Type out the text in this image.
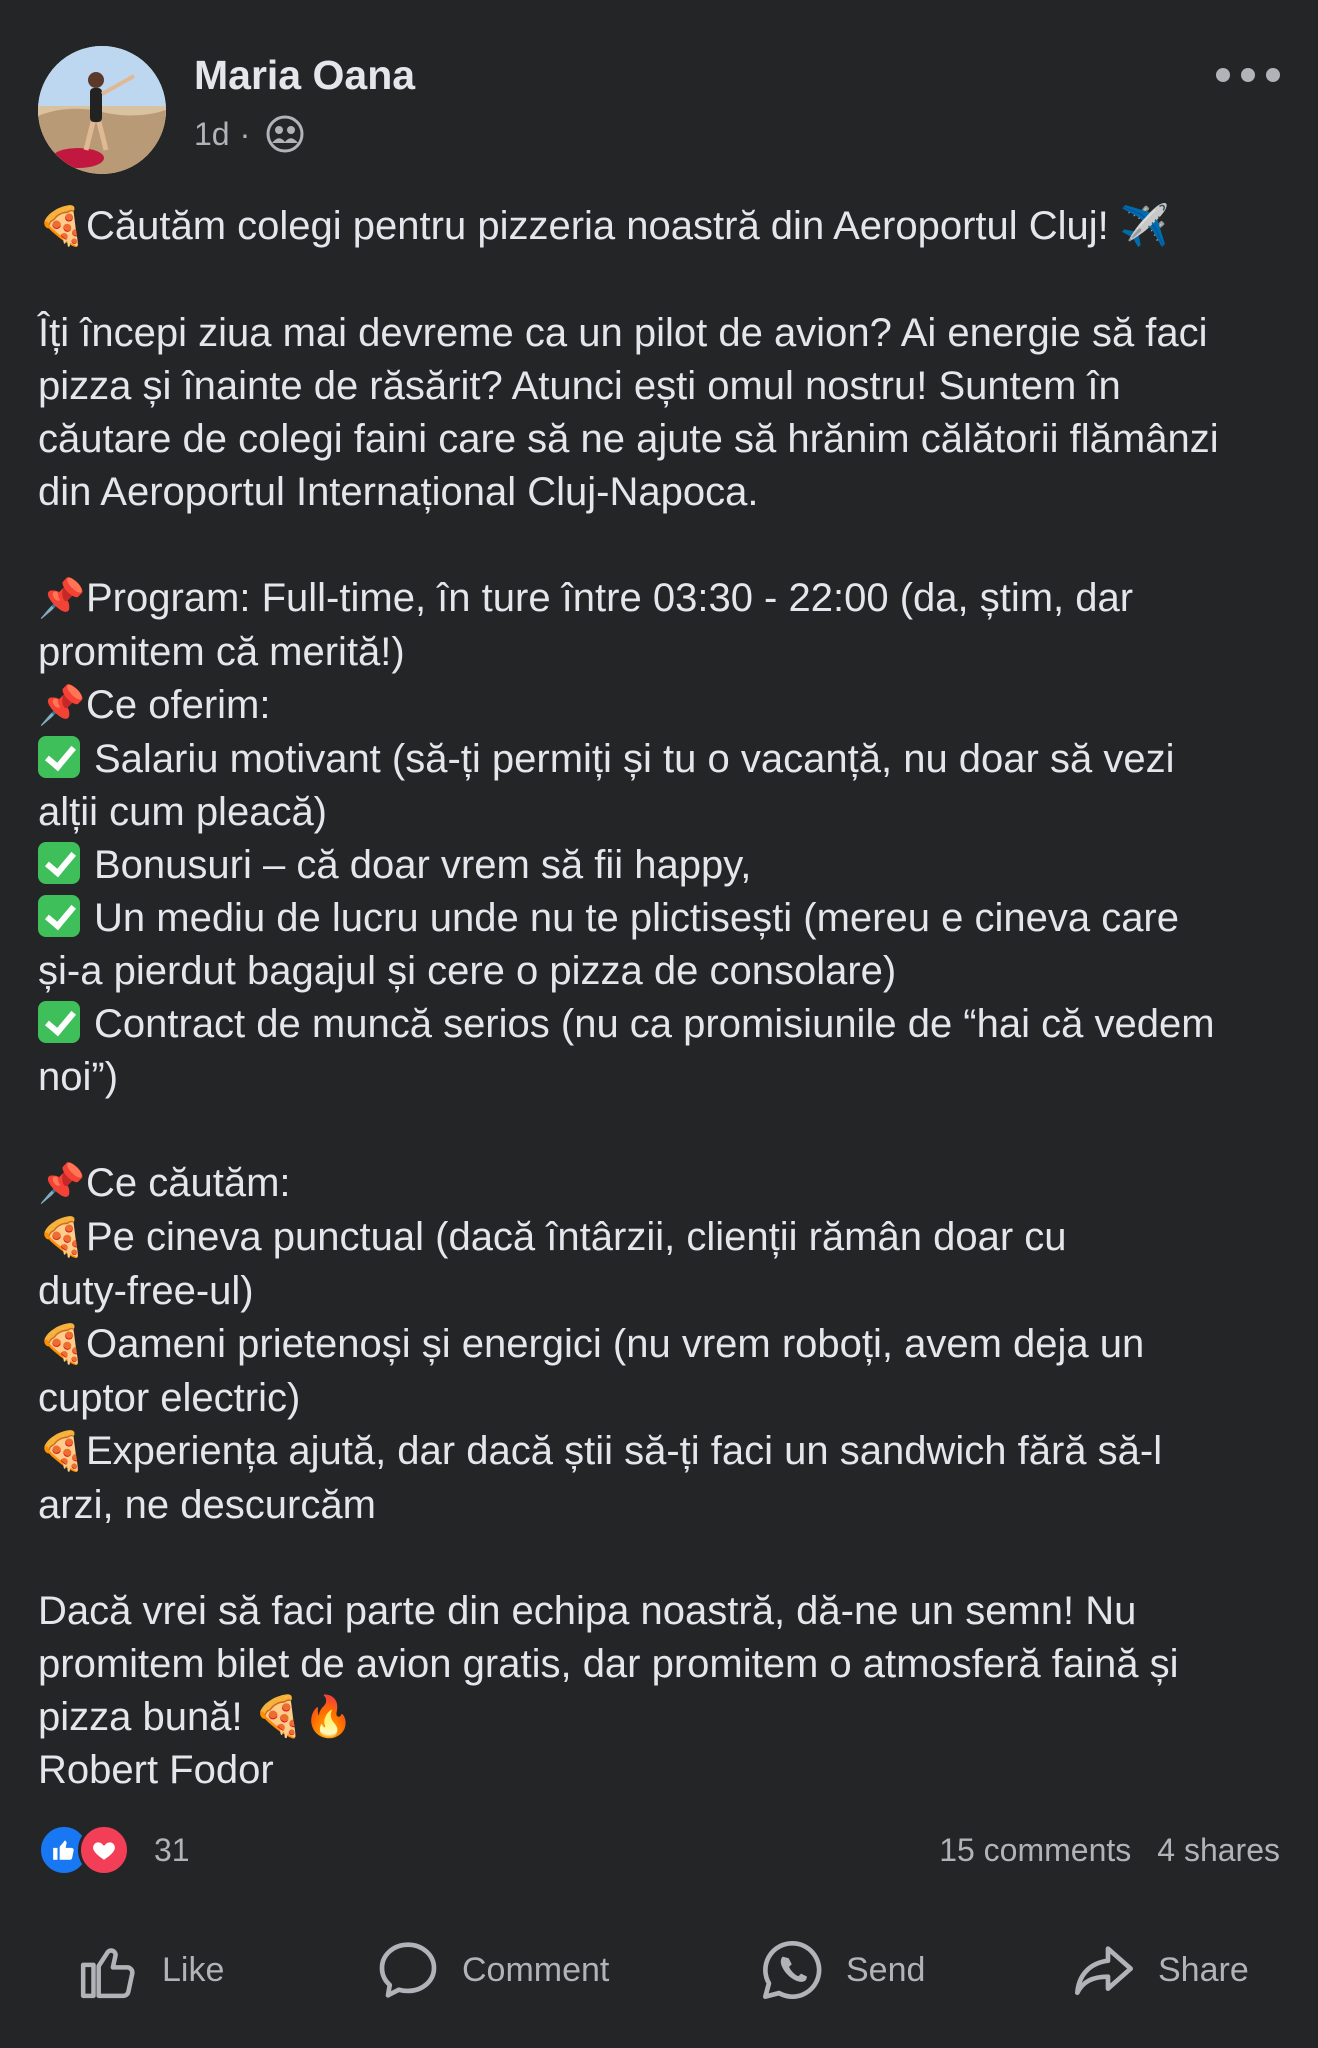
Maria Oana
1d ·

🍕Căutăm colegi pentru pizzeria noastră din Aeroportul Cluj! ✈️

Îți începi ziua mai devreme ca un pilot de avion? Ai energie să faci

pizza și înainte de răsărit? Atunci ești omul nostru! Suntem în

căutare de colegi faini care să ne ajute să hrănim călătorii flămânzi

din Aeroportul Internațional Cluj-Napoca.

📌Program: Full-time, în ture între 03:30 - 22:00 (da, știm, dar

promitem că merită!)

📌Ce oferim:

Salariu motivant (să-ți permiți și tu o vacanță, nu doar să vezi

alții cum pleacă)

Bonusuri – că doar vrem să fii happy,

Un mediu de lucru unde nu te plictisești (mereu e cineva care

și-a pierdut bagajul și cere o pizza de consolare)

Contract de muncă serios (nu ca promisiunile de “hai că vedem

noi”)

📌Ce căutăm:

🍕Pe cineva punctual (dacă întârzii, clienții rămân doar cu

duty-free-ul)

🍕Oameni prietenoși și energici (nu vrem roboți, avem deja un

cuptor electric)

🍕Experiența ajută, dar dacă știi să-ți faci un sandwich fără să-l

arzi, ne descurcăm

Dacă vrei să faci parte din echipa noastră, dă-ne un semn! Nu

promitem bilet de avion gratis, dar promitem o atmosferă faină și

pizza bună! 🍕🔥

Robert Fodor

31	15 comments 4 shares
Like	Comment	Send	Share
